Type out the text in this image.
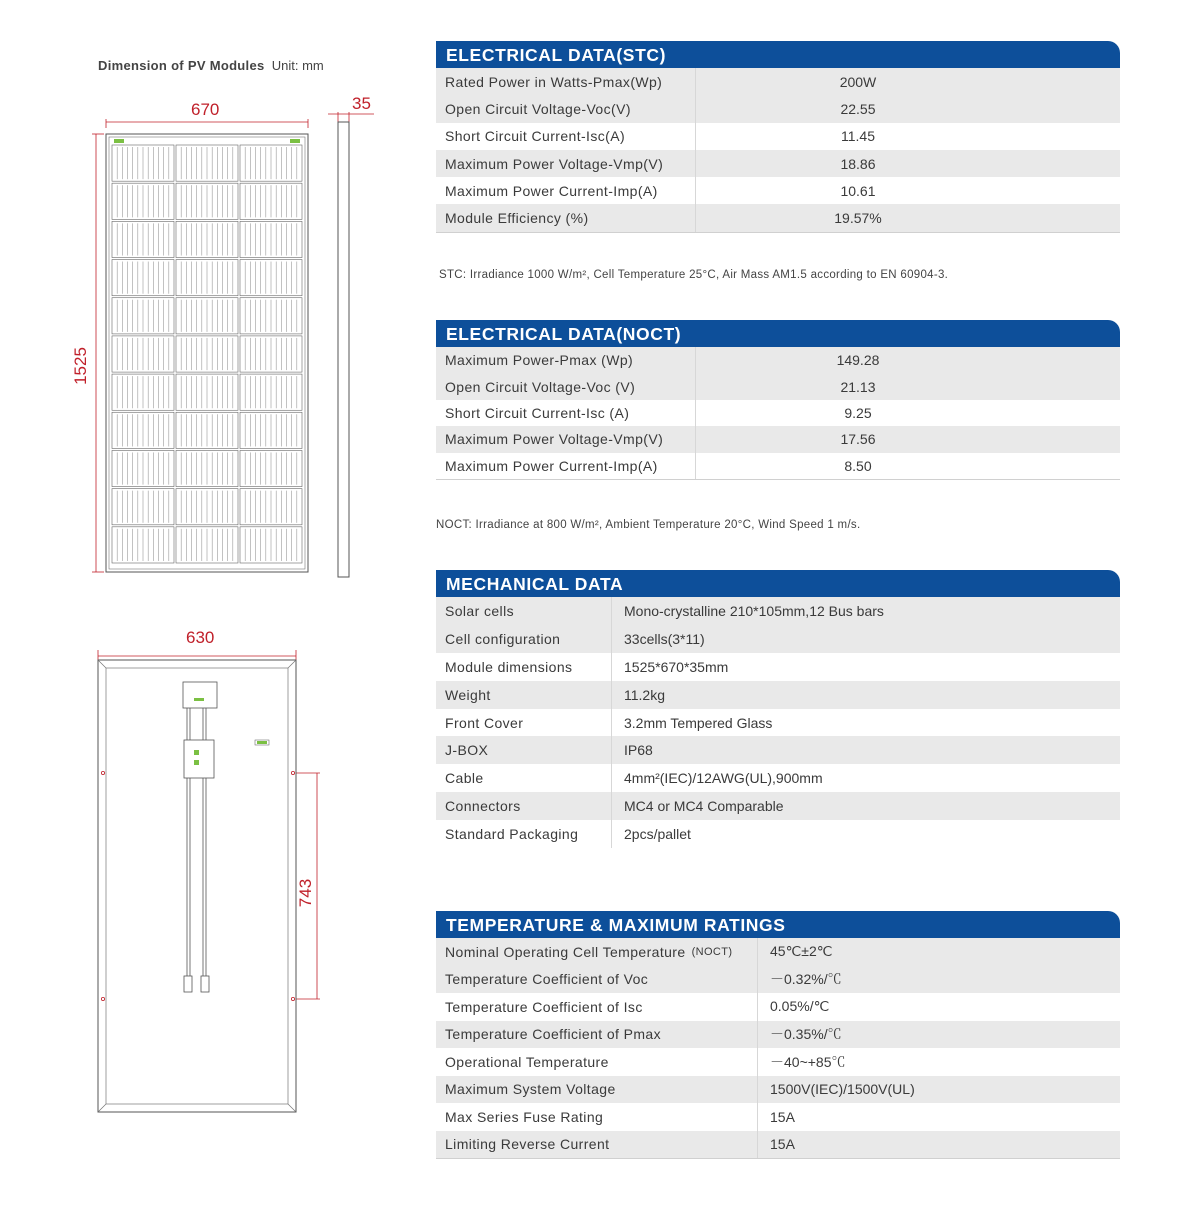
Dimension of PV Modules Unit: mm
670	35
1525
630
743
ELECTRICAL DATA(STC)
Rated Power in Watts-Pmax(Wp)	200W
Open Circuit Voltage-Voc(V)	22.55
Short Circuit Current-Isc(A)	11.45
Maximum Power Voltage-Vmp(V)	18.86
Maximum Power Current-Imp(A)	10.61
Module Efficiency (%)	19.57%
STC: Irradiance 1000 W/m², Cell Temperature 25°C, Air Mass AM1.5 according to EN 60904-3.
ELECTRICAL DATA(NOCT)
Maximum Power-Pmax (Wp)	149.28
Open Circuit Voltage-Voc (V)	21.13
Short Circuit Current-Isc (A)	9.25
Maximum Power Voltage-Vmp(V)	17.56
Maximum Power Current-Imp(A)	8.50
NOCT: Irradiance at 800 W/m², Ambient Temperature 20°C, Wind Speed 1 m/s.
MECHANICAL DATA
Solar cells	Mono-crystalline 210*105mm,12 Bus bars
Cell configuration	33cells(3*11)
Module dimensions	1525*670*35mm
Weight	11.2kg
Front Cover	3.2mm Tempered Glass
J-BOX	IP68
Cable	4mm²(IEC)/12AWG(UL),900mm
Connectors	MC4 or MC4 Comparable
Standard Packaging	2pcs/pallet
TEMPERATURE & MAXIMUM RATINGS
Nominal Operating Cell Temperature (NOCT)	45℃±2℃
Temperature Coefficient of Voc	－0.32%/℃
Temperature Coefficient of Isc	0.05%/℃
Temperature Coefficient of Pmax	－0.35%/℃
Operational Temperature	－40~+85℃
Maximum System Voltage	1500V(IEC)/1500V(UL)
Max Series Fuse Rating	15A
Limiting Reverse Current	15A
